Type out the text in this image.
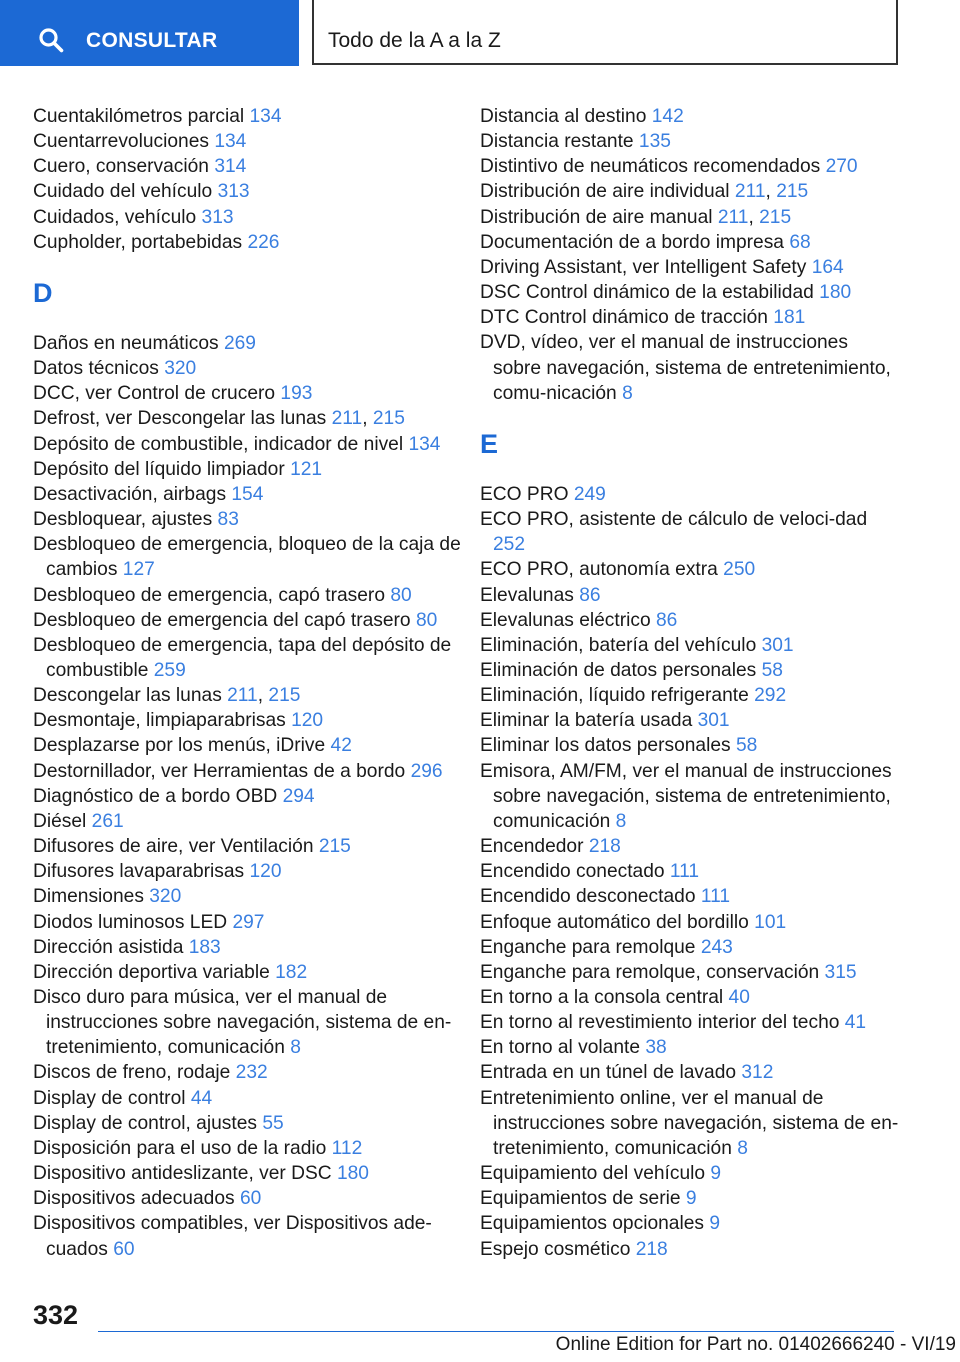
CONSULTAR	Todo de la A a la Z
Cuentakilómetros parcial 134
Cuentarrevoluciones 134
Cuero, conservación 314
Cuidado del vehículo 313
Cuidados, vehículo 313
Cupholder, portabebidas 226
D
Daños en neumáticos 269
Datos técnicos 320
DCC, ver Control de crucero 193
Defrost, ver Descongelar las lunas 211, 215
Depósito de combustible, indicador de nivel 134
Depósito del líquido limpiador 121
Desactivación, airbags 154
Desbloquear, ajustes 83
Desbloqueo de emergencia, bloqueo de la caja de cambios 127
Desbloqueo de emergencia, capó trasero 80
Desbloqueo de emergencia del capó trasero 80
Desbloqueo de emergencia, tapa del depósito de combustible 259
Descongelar las lunas 211, 215
Desmontaje, limpiaparabrisas 120
Desplazarse por los menús, iDrive 42
Destornillador, ver Herramientas de a bordo 296
Diagnóstico de a bordo OBD 294
Diésel 261
Difusores de aire, ver Ventilación 215
Difusores lavaparabrisas 120
Dimensiones 320
Diodos luminosos LED 297
Dirección asistida 183
Dirección deportiva variable 182
Disco duro para música, ver el manual de instrucciones sobre navegación, sistema de en‐tretenimiento, comunicación 8
Discos de freno, rodaje 232
Display de control 44
Display de control, ajustes 55
Disposición para el uso de la radio 112
Dispositivo antideslizante, ver DSC 180
Dispositivos adecuados 60
Dispositivos compatibles, ver Dispositivos ade‐cuados 60
Distancia al destino 142
Distancia restante 135
Distintivo de neumáticos recomendados 270
Distribución de aire individual 211, 215
Distribución de aire manual 211, 215
Documentación de a bordo impresa 68
Driving Assistant, ver Intelligent Safety 164
DSC Control dinámico de la estabilidad 180
DTC Control dinámico de tracción 181
DVD, vídeo, ver el manual de instrucciones sobre navegación, sistema de entretenimiento, comu‐nicación 8
E
ECO PRO 249
ECO PRO, asistente de cálculo de veloci‐dad 252
ECO PRO, autonomía extra 250
Elevalunas 86
Elevalunas eléctrico 86
Eliminación, batería del vehículo 301
Eliminación de datos personales 58
Eliminación, líquido refrigerante 292
Eliminar la batería usada 301
Eliminar los datos personales 58
Emisora, AM/FM, ver el manual de instrucciones sobre navegación, sistema de entretenimiento, comunicación 8
Encendedor 218
Encendido conectado 111
Encendido desconectado 111
Enfoque automático del bordillo 101
Enganche para remolque 243
Enganche para remolque, conservación 315
En torno a la consola central 40
En torno al revestimiento interior del techo 41
En torno al volante 38
Entrada en un túnel de lavado 312
Entretenimiento online, ver el manual de instrucciones sobre navegación, sistema de en‐tretenimiento, comunicación 8
Equipamiento del vehículo 9
Equipamientos de serie 9
Equipamientos opcionales 9
Espejo cosmético 218
332
Online Edition for Part no. 01402666240 - VI/19
